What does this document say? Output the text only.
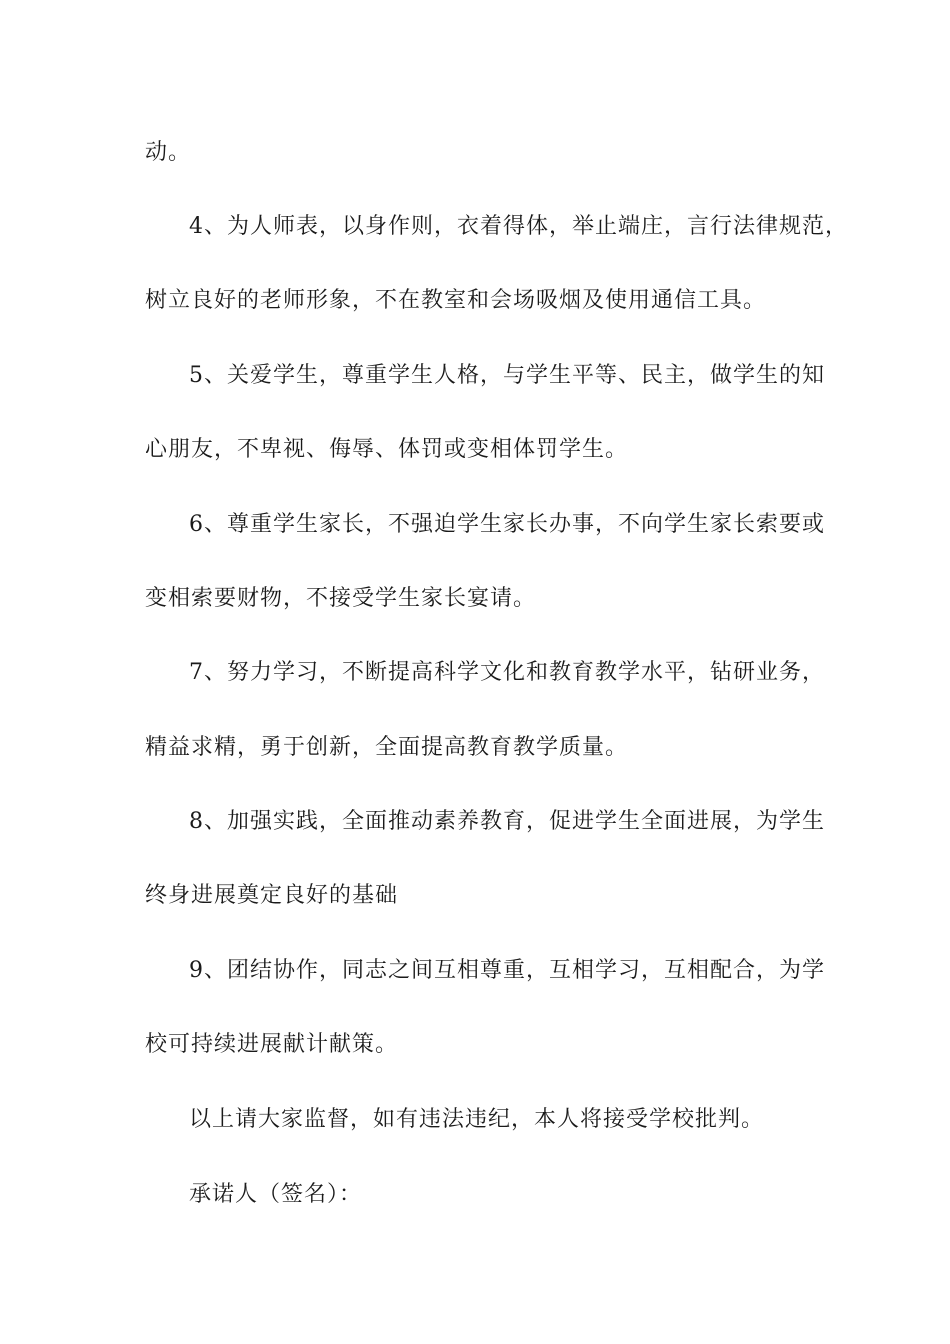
动。
4、为人师表，以身作则，衣着得体，举止端庄，言行法律规范，
树立良好的老师形象，不在教室和会场吸烟及使用通信工具。
5、关爱学生，尊重学生人格，与学生平等、民主，做学生的知
心朋友，不卑视、侮辱、体罚或变相体罚学生。
6、尊重学生家长，不强迫学生家长办事，不向学生家长索要或
变相索要财物，不接受学生家长宴请。
7、努力学习，不断提高科学文化和教育教学水平，钻研业务，
精益求精，勇于创新，全面提高教育教学质量。
8、加强实践，全面推动素养教育，促进学生全面进展，为学生
终身进展奠定良好的基础
9、团结协作，同志之间互相尊重，互相学习，互相配合，为学
校可持续进展献计献策。
以上请大家监督，如有违法违纪，本人将接受学校批判。
承诺人（签名）：
